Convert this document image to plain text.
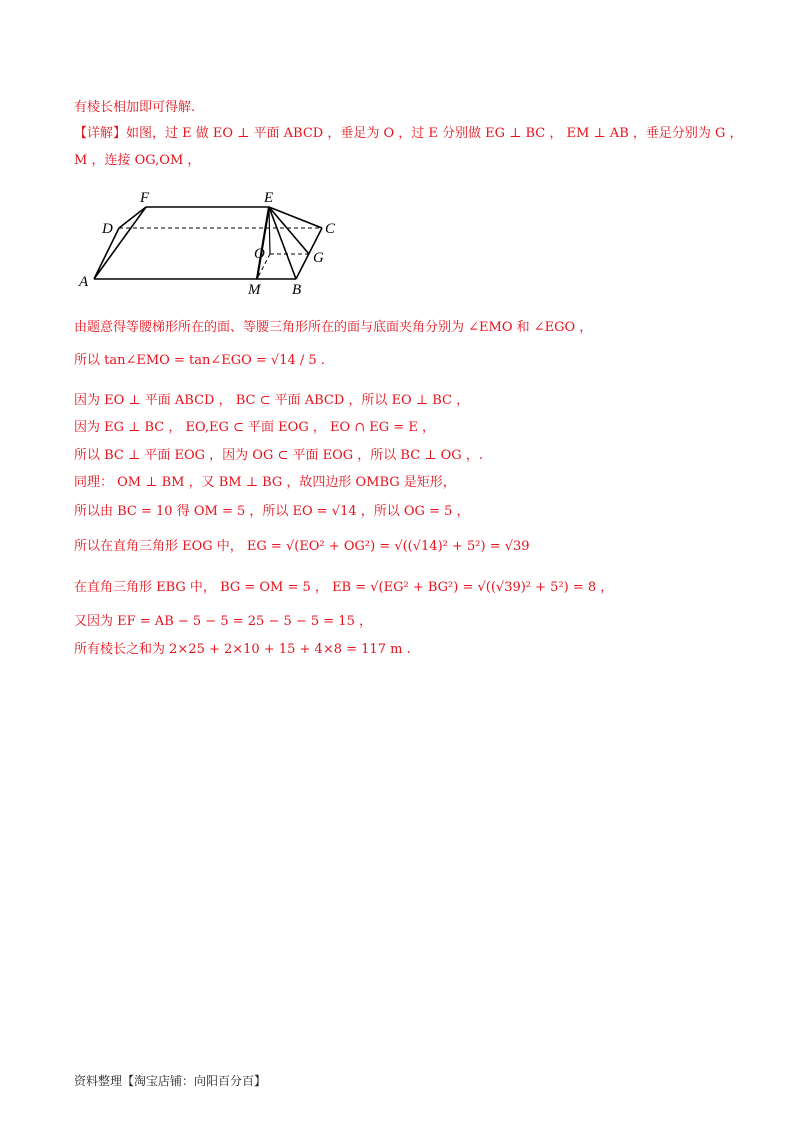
有棱长相加即可得解.
【详解】如图，过 E 做 EO ⊥ 平面 ABCD ，垂足为 O ，过 E 分别做 EG ⊥ BC ， EM ⊥ AB ，垂足分别为 G ，
M ，连接 OG,OM ，
F	E
D	C
O	G
A	M B
由题意得等腰梯形所在的面、等腰三角形所在的面与底面夹角分别为 ∠EMO 和 ∠EGO ，
所以 tan∠EMO = tan∠EGO = √14 / 5 .
因为 EO ⊥ 平面 ABCD ， BC ⊂ 平面 ABCD ，所以 EO ⊥ BC ，
因为 EG ⊥ BC ， EO,EG ⊂ 平面 EOG ， EO ∩ EG = E ，
所以 BC ⊥ 平面 EOG ，因为 OG ⊂ 平面 EOG ，所以 BC ⊥ OG ，.
同理： OM ⊥ BM ，又 BM ⊥ BG ，故四边形 OMBG 是矩形，
所以由 BC = 10 得 OM = 5 ，所以 EO = √14 ，所以 OG = 5 ，
所以在直角三角形 EOG 中， EG = √(EO² + OG²) = √((√14)² + 5²) = √39
在直角三角形 EBG 中， BG = OM = 5 ， EB = √(EG² + BG²) = √((√39)² + 5²) = 8 ，
又因为 EF = AB − 5 − 5 = 25 − 5 − 5 = 15 ，
所有棱长之和为 2×25 + 2×10 + 15 + 4×8 = 117 m .
资料整理【淘宝店铺：向阳百分百】
